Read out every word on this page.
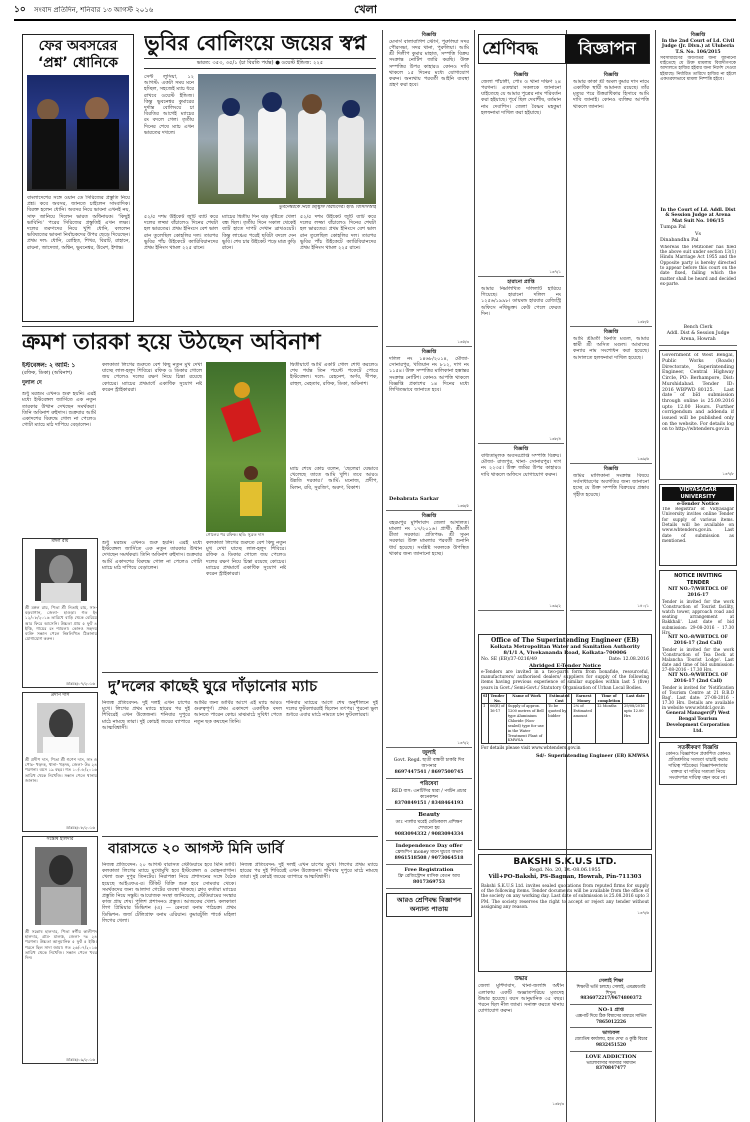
১০ সংবাদ প্রতিদিন, শনিবার ১৩ আগস্ট ২০১৬	খেলা
ফের অবসরের
‘প্রশ্ন’ ধোনিকে
বাংলাদেশের সঙ্গে ওয়ান ডে সিরিজের প্রস্তুতি নিয়ে প্রশ্ন। কবে অবসর, জানতে চাইলেন সাংবাদিক। বিরক্ত হলেন ধোনি। অবসর নিয়ে ভাবনা এখনই নয়, সাফ জানিয়ে দিলেন ভারত অধিনায়ক। ‘কিছুই ভাবিনি।’ পরের সিরিজের প্রস্তুতিই এখন লক্ষ্য। দলের তরুণদের নিয়ে খুশি ধোনি, বললেন ভবিষ্যতের ভাবনা নির্বাচকদের উপর ছেড়ে দিয়েছেন। প্রথম দল: ধোনি, রোহিত, শিখর, বিরাট, রাহানে, রায়না, জাদেজা, অশ্বিন, ভুবনেশ্বর, উমেশ, ইশান্ত।
ভুবির বোলিংয়ে জয়ের স্বপ্ন
ভারত: ৩৫৩, ৩৫/১ (চা বিরতি পর্যন্ত) ● ওয়েস্ট ইন্ডিজ: ২২৫
সেন্ট লুসিয়া, ১২ আগস্ট: একটা সময় মনে হচ্ছিল, সহজেই ম্যাচ ধরে রাখবে ওয়েস্ট ইন্ডিজ। কিন্তু ভুবনেশ্বর কুমারের দুর্দান্ত বোলিংয়ে চা বিরতির আগেই ম্যাচের রং বদলে গেল। তৃতীয় দিনের শেষে ম্যাচ এখন ভারতের দখলে।
ভুবনেশ্বরকে নিয়ে উচ্ছ্বাস বিরাটদের। ছবি: বিসিসিআই
৫২/৫ দশম উইকেট জুটি ব্যাট করে দলের লজ্জা বাঁচালেও দিনের শেষটা হল ভারতের। প্রথম ইনিংসে বেশ ভাল রান তুলেছিল কোহলির দল। তারপর ভুবির পাঁচ উইকেটে ক্যারিবিয়ানদের প্রথম ইনিংস থামল ২২৫ রানে।
ম্যাচের দ্বিতীয় দিন ঝড় বৃষ্টিতে খেলা বন্ধ ছিল। তৃতীয় দিনে সকাল থেকেই ব্যাট হাতে দাপট দেখান ব্রাথওয়েট। কিন্তু লাঞ্চের পরেই ছবিটা বদলে দেন ভুবি। শেষ চার উইকেট পড়ে মাত্র কুড়ি রানে।
৫২/৫ দশম উইকেট জুটি ব্যাট করে দলের লজ্জা বাঁচালেও দিনের শেষটা হল ভারতের। প্রথম ইনিংসে বেশ ভাল রান তুলেছিল কোহলির দল। তারপর ভুবির পাঁচ উইকেটে ক্যারিবিয়ানদের প্রথম ইনিংস থামল ২২৫ রানে।
ক্রমশ তারকা হয়ে উঠছেন অবিনাশ
ইস্টবেঙ্গল: ২ আর্মি: ১
(রফিক, ডিকা) (অবিনাশ)
দুলাল দে
শুধু মরশুম এখনও শুরু হয়নি। এরই মধ্যে ইস্টবেঙ্গল জার্সিতে এক নতুন তারকার উত্থান দেখছেন সমর্থকরা। তিনি অবিনাশ রুইদাস। শুক্রবার আর্মি একাদশের বিরুদ্ধে গোল না পেলেও গোটা ম্যাচে মাঠ দাপিয়ে বেড়ালেন।
মঙ্গল রায়
শ্রী মঙ্গল রায়, পিতা শ্রী নিতাই রায়, সাং- বড়বাগান, জেলা- হাওড়া। গত ইং ১২/০৮/২০১৬ তারিখে বাড়ি থেকে বেরিয়ে আর ফিরে আসেনি। উচ্চতা প্রায় ৫ ফুট ৪ ইঞ্চি, গায়ের রং শ্যামলা। কোনও সহৃদয় ব্যক্তি সন্ধান পেলে নিম্নলিখিত ঠিকানায় যোগাযোগ করুন।
ডাঃমঃ/০৭/২০১৬
প্রদীপ দাস
শ্রী প্রদীপ দাস, পিতা শ্রী গণেশ দাস, সাং ও পোঃ- খড়দহ, থানা- খড়দহ, জেলা- উঃ ২৪ পরগনা। বয়স ১৯ বছর। গত ১০/০৮/২০১৬ তারিখ থেকে নিখোঁজ। সন্ধান পেলে থানায় জানান।
ডাঃমঃ/০৮/২০১৬
সন্তোষ হালদার
শ্রী সন্তোষ হালদার, পিতা স্বর্গীয় কালীপদ হালদার, গ্রাম- মালঞ্চ, জেলা- দঃ ২৪ পরগনা। উচ্চতা আনুমানিক ৫ ফুট ৫ ইঞ্চি। পরনে ছিল সাদা জামা। গত ২৬/০৭/২০১৬ তারিখ থেকে নিখোঁজ। সন্ধান পেলে খবর দিন।
ডাঃমঃ/০৯/২০১৬
কলকাতা লিগের শুরুতে বেশ কিছু নতুন মুখ দেখা যাচ্ছে লাল-হলুদ শিবিরে। রফিক ও ডিকার গোলে জয় পেলেও দলের রক্ষণ নিয়ে চিন্তা রয়েছে কোচের। ম্যাচের প্রথমার্ধে একাধিক সুযোগ নষ্ট করেন স্ট্রাইকাররা।
গোলের পর রফিক। ছবি: সুব্রত দাস
দ্বিতীয়ার্ধে আর্মি একটি গোল শোধ করলেও শেষ পর্যন্ত তিন পয়েন্ট পকেটে পোরে ইস্টবেঙ্গল। দলে: রেহনেশ, অর্ণব, দীপক, রাহুল, মেহতাব, রফিক, ডিকা, অবিনাশ।
ম্যাচ শেষে কোচ বলেন, ‘ছেলেরা যেভাবে খেলেছে তাতে আমি খুশি। তবে আরও উন্নতি দরকার।’ আর্মি: মনোজ, প্রদীপ, মিলন, রবি, সুরজিৎ, অরুণ, বিকাশ।
শুধু মরশুম এখনও শুরু হয়নি। এরই মধ্যে ইস্টবেঙ্গল জার্সিতে এক নতুন তারকার উত্থান দেখছেন সমর্থকরা। তিনি অবিনাশ রুইদাস। শুক্রবার আর্মি একাদশের বিরুদ্ধে গোল না পেলেও গোটা ম্যাচে মাঠ দাপিয়ে বেড়ালেন।
কলকাতা লিগের শুরুতে বেশ কিছু নতুন মুখ দেখা যাচ্ছে লাল-হলুদ শিবিরে। রফিক ও ডিকার গোলে জয় পেলেও দলের রক্ষণ নিয়ে চিন্তা রয়েছে কোচের। ম্যাচের প্রথমার্ধে একাধিক সুযোগ নষ্ট করেন স্ট্রাইকাররা।
দু’দলের কাছেই ঘুরে দাঁড়ানোর ম্যাচ
নিজস্ব প্রতিবেদন: দুই দলই এখন চাপের মুখে। লিগের প্রথম ম্যাচে হারের পর দুই শিবিরেই এখন উত্তেজনা। শনিবার দুপুরে মাঠে নামছে তারা। দুই কোচই জয়ের ব্যাপারে আত্মবিশ্বাসী।
আর্মির জন্য ডার্বির আগে এই ম্যাচ আরও গুরুত্বপূর্ণ। প্রথম একাদশে একাধিক বদল আনতে পারেন কোচ। মাঝমাঠে সুবিধা পেতে নতুন ছক কষছেন তিনি।
শনিবার ম্যাচের আগে শেষ অনুশীলনে দুই দলের ফুটবলাররাই ছিলেন তৎপর। পুরনো ভুল শুধরে এবার মাঠে নামতে চান ফুটবলাররা।
বারাসতে ২০ আগস্ট মিনি ডার্বি
নিজস্ব প্রতিবেদন: ২০ আগস্ট বারাসত স্টেডিয়ামে হবে মিনি ডার্বি। কলকাতা লিগের ম্যাচে মুখোমুখি হবে ইস্টবেঙ্গল ও মোহনবাগান। খেলা শুরু দুপুর তিনটেয়। নিরাপত্তা নিয়ে প্রশাসনের সঙ্গে বৈঠক হয়েছে আইএফএ-র। টিকিট বিক্রি শুরু হবে সোমবার থেকে। সমর্থকদের জন্য আলাদা গেটের ব্যবস্থা থাকছে। ক্লাব কর্তারা ম্যাচের প্রস্তুতি নিয়ে সন্তুষ্ট। আয়োজক সংস্থা জানিয়েছে, স্টেডিয়ামের সংস্কার কাজ প্রায় শেষ। পুলিশ প্রশাসনও প্রস্তুত। আজকের খেলা: কলকাতা লিগ প্রিমিয়ার ডিভিশন (এ) — রেনবো বনাম পাঠচক্র। প্রথম ডিভিশন: জর্জ টেলিগ্রাফ বনাম এরিয়ান। কুমারটুলি পার্কে মহিলা লিগের খেলা।
নিজস্ব প্রতিবেদন: দুই দলই এখন চাপের মুখে। লিগের প্রথম ম্যাচে হারের পর দুই শিবিরেই এখন উত্তেজনা। শনিবার দুপুরে মাঠে নামছে তারা। দুই কোচই জয়ের ব্যাপারে আত্মবিশ্বাসী।
বিজ্ঞপ্তি
মেসার্স বালাবাগিশ স্টোর্স, পুরুলিয়া সদর পৌরসভা, সদর থানা, পুরুলিয়া। আমি শ্রী দিলীপ কুমার মাহাত, সম্পত্তি বিক্রয় সংক্রান্ত নোটিশ জারি করছি। উক্ত সম্পত্তির উপর কাহারও কোনও দাবি থাকলে ১৫ দিনের মধ্যে যোগাযোগ করুন। অন্যথায় পরবর্তী আইনি ব্যবস্থা গ্রহণ করা হবে।
১৩৫/৩
বিজ্ঞপ্তি
দলিল নং ১৪৬৮/২০১৪, মৌজা-সোনারপুর, খতিয়ান নং ৮১২, দাগ নং ১১৫৪। উক্ত সম্পত্তির মালিকানা হস্তান্তর সংক্রান্ত নোটিশ। কোনও আপত্তি থাকলে বিজ্ঞপ্তি প্রকাশের ১৪ দিনের মধ্যে লিখিতভাবে জানাতে হবে।
Debabrata Sarkar
১৩৬/৫
বিজ্ঞপ্তি
বহরমপুর মুর্শিদাবাদ জেলা আদালত। মামলা নং ১৭/২০১৬। প্রার্থী: শ্রীমতী রীতা সরকার। প্রতিপক্ষ: শ্রী সুমন সরকার। উক্ত মামলার পরবর্তী শুনানি ধার্য হয়েছে। সংশ্লিষ্ট সকলকে উপস্থিত থাকার জন্য জানানো হচ্ছে।
১৩৭/২
জুলাই
Govt. Regd. ছাত্রী বান্ধবী চাকরি দিব আপনার
8697447541 / 8697500745
পরিষেবা
RED বাস: এনটিসির দ্বারা / পর্যটন প্রচার কানেকশন
8370849151 / 8348464193
Beauty
ডাঃ পার্লার ঘরেই মেডিক্যাল প্রশিক্ষণ শেখানো হয়
9083094332 / 9083094334
Independence Day offer
ফ্রেন্ডশিপ money মানে ঘুচবে অভাব
8961518508 / 9073064518
Free Registration
ফ্রি রেজিস্ট্রেশন মাসিক বেতন আয়
8017369753
আরও শ্রেণিবদ্ধ বিজ্ঞাপন অন্যান্য পাতায়
শ্রেণিবদ্ধ	বিজ্ঞাপন
বিজ্ঞপ্তি
জেলা পাঁচালী, পোঃ ও থানা দক্ষিণ ২৪ পরগনা। এতদ্বারা সকলকে জানানো যাইতেছে যে আমার পুত্রের নাম পরিবর্তন করা হইয়াছে। পূর্বে ছিল দেবাশীষ, বর্তমান নাম দেবাশিস। জেলা বৈষ্ণব মহকুমা হলফনামা দাখিল করা হইয়াছে।
১৩৭/১
হারানো প্রাপ্তি
আমার নিম্নলিখিত দলিলটি হারিয়ে গিয়েছে। হারানো দলিল নং ১২৫৬/১৯৯৮। ডায়মন্ড হারবার রেজিস্ট্রি অফিসে নথিভুক্ত। কেউ পেলে ফেরত দিন।
১৩৮/৪
বিজ্ঞপ্তি
বাধ্যতামূলক অবসরপ্রাপ্ত সম্পত্তি বিক্রয়। মৌজা- রাজপুর, থানা- সোনারপুর। দাগ নং ২২৩৫। উক্ত জমির উপর কাহারও দাবি থাকলে অফিসে যোগাযোগ করুন।
১৩৯/২
বিজ্ঞপ্তি
আমার কাকা শ্রী অমল কুমার দাস নামে একাধিক স্থায়ী আমানত রয়েছে। তাঁর মৃত্যুর পরে উত্তরাধিকার হিসাবে আমি দাবি জানাই। কোনও ব্যক্তির আপত্তি থাকলে জানান।
১৩৮/৫
বিজ্ঞপ্তি
আমি শ্রীমতী মিনতি মণ্ডল, আমার স্বামী শ্রী অসিত মণ্ডল। আমাদের কন্যার নাম সংশোধন করা হয়েছে। আদালতে হলফনামা দাখিল হয়েছে।
১৩৯/৬
বিজ্ঞপ্তি
জমির মালিকানা সংক্রান্ত বিষয়ে সর্বসাধারণের অবগতির জন্য জানানো হচ্ছে যে উক্ত সম্পত্তি বিক্রয়ের প্রস্তাব গৃহীত হয়েছে।
১৪০/১
Office of The Superintending Engineer (EB)
Kolkata Metropolitan Water and Sanitation Authority
8/1/1 A, Vivekananda Road, Kolkata-700006
No. SE (EB)/37-0216/49	Date: 12.08.2016
Abridged E-Tender Notice
e-Tenders are invited in a two-parts form from bonafide, resourceful, manufacturers/ authorised dealers/ suppliers for supply of the following items having previous experience of similar supplies within last 5 (five) years in Govt./ Semi-Govt./ Statutory Organisation of Urban Local Bodies.
Sl	Tender No.	Name of Work	Estimated Cost	Earnest Money	Time of completion	Last date
1	06(E) of 16-17	Supply of approx. 1200 metres of Bell type Aluminium Chloride (Non-sealed) type for use in the Water Treatment Plant of KMWSA	To be quoted by bidder	2% of Estimated amount	12 Months	29/08/2016 upto 12.00 Hrs
For details please visit www.wbtenders.gov.in
Sd/- Superintending Engineer (EB) KMWSA
BAKSHI S.K.U.S LTD.
Regd. No. 20, Dt.-08.06.1955
Vill+PO-Bakshi, PS-Bagnan, Howrah, Pin-711303
Bakshi S.K.U.S Ltd. invites sealed quotations from reputed firms for supply of the following items. Tender documents will be available from the office of the society on any working day. Last date of submission is 25.08.2016 upto 3 PM. The society reserves the right to accept or reject any tender without assigning any reason.
১৩৭/৬
উদ্ধার
জেলা মুর্শিদাবাদ, থানা-জলঙ্গি অধীন এলাকায় একটি অজ্ঞাতপরিচয় মৃতদেহ উদ্ধার হয়েছে। বয়স আনুমানিক ৩৫ বছর। পরনে ছিল নীল জামা। সনাক্ত করতে থানায় যোগাযোগ করুন।
১৩৮/৩
সেলাই শিক্ষা
শিক্ষার্থী ভর্তি চলছে। সেলাই, এমব্রয়ডারি শিখুন।
9836072217/9674800372
NO-1 প্রাপ্ত
এক্সপার্ট দিয়ে ঠিক বিশ্বাসের মাধ্যমে সার্ভিস
7865012226
ভাগ্যফল
জ্যোতিষ কার্যালয়, হাত দেখা ও কুষ্ঠি বিচার
9832451520
LOVE ADDICTION
ভালোবাসার সমস্যার সমাধান
8370847477
বিজ্ঞপ্তি
In the 2nd Court of Ld. Civil Judge (Jr. Divn.) at Uluberia T.S. No. 106/2015
সর্বসাধারণের অবগতির জন্য জানানো যাইতেছে যে উক্ত মামলায় বিবাদীগণকে আদালতে হাজির হইবার জন্য নির্দেশ দেওয়া হইয়াছে। নির্ধারিত তারিখে হাজির না হইলে একতরফাভাবে মামলা নিষ্পত্তি হইবে।
In the Court of Ld. Addl. Dist & Session Judge at Arena Mat Suit No. 106/15
Tumpa Pal
Vs
Dinabandhu Pal
Whereas the Petitioner has filed the above suit under section 13(1) Hindu Marriage Act 1955 and the Opposite party is hereby directed to appear before this court on the date fixed, failing which the matter shall be heard and decided ex-parte.
Bench Clerk
Addl. Dist & Session Judge Arena, Howrah
Government of West Bengal, Public Works (Roads) Directorate, Superintending Engineer, Central Highway Circle, PO: Berhampore, Dist: Murshidabad. Tender ID: 2016_WBPWD_80125. Last date of bid submission through online is 25.09.2016 upto 12.00 Hours. Further corrigendum and addenda if issued will be published only on the website. For details log on to http://wbtenders.gov.in
১৩৭/৮
VIDYASAGAR UNIVERSITY
e-Tender Notice
The Registrar of Vidyasagar University invites online Tender for supply of various items. Details will be available on www.wbtenders.gov.in. Last date of submission as mentioned.
NOTICE INVITING TENDER
NIT NO.-7/WBTDCL OF 2016-17
Tender is invited for the work 'Construction of Tourist facility, watch tower, approach road and seating arrangement at Bakkhali'. Last date of bid submission: 29-08-2016 - 17.30 Hrs.
NIT NO.-8/WBTDCL OF 2016-17 (2nd Call)
Tender is invited for the work 'Construction of Tea Deck at Malancha Tourist Lodge'. Last date and time of bid submission: 27-08-2016 - 17.30 Hrs.
NIT NO.-9/WBTDCL OF 2016-17 (2nd Call)
Tender is invited for 'Notification of Tourism Centre at 21 B.B.D Bag'. Last date: 27-08-2016 - 17.30 Hrs. Details are available in website www.wbtdcl.gov.in
General Manager(P) West Bengal Tourism Development Corporation Ltd.
সতর্কীকরণ বিজ্ঞপ্তি
কোনও বিজ্ঞাপনে প্রকাশিত কোনও প্রতিশ্রুতির সত্যতা যাচাই করার দায়িত্ব পাঠকের। বিজ্ঞাপনদাতার বক্তব্য বা দাবির সত্যতা নিয়ে সংবাদপত্র দায়িত্ব বহন করে না।
